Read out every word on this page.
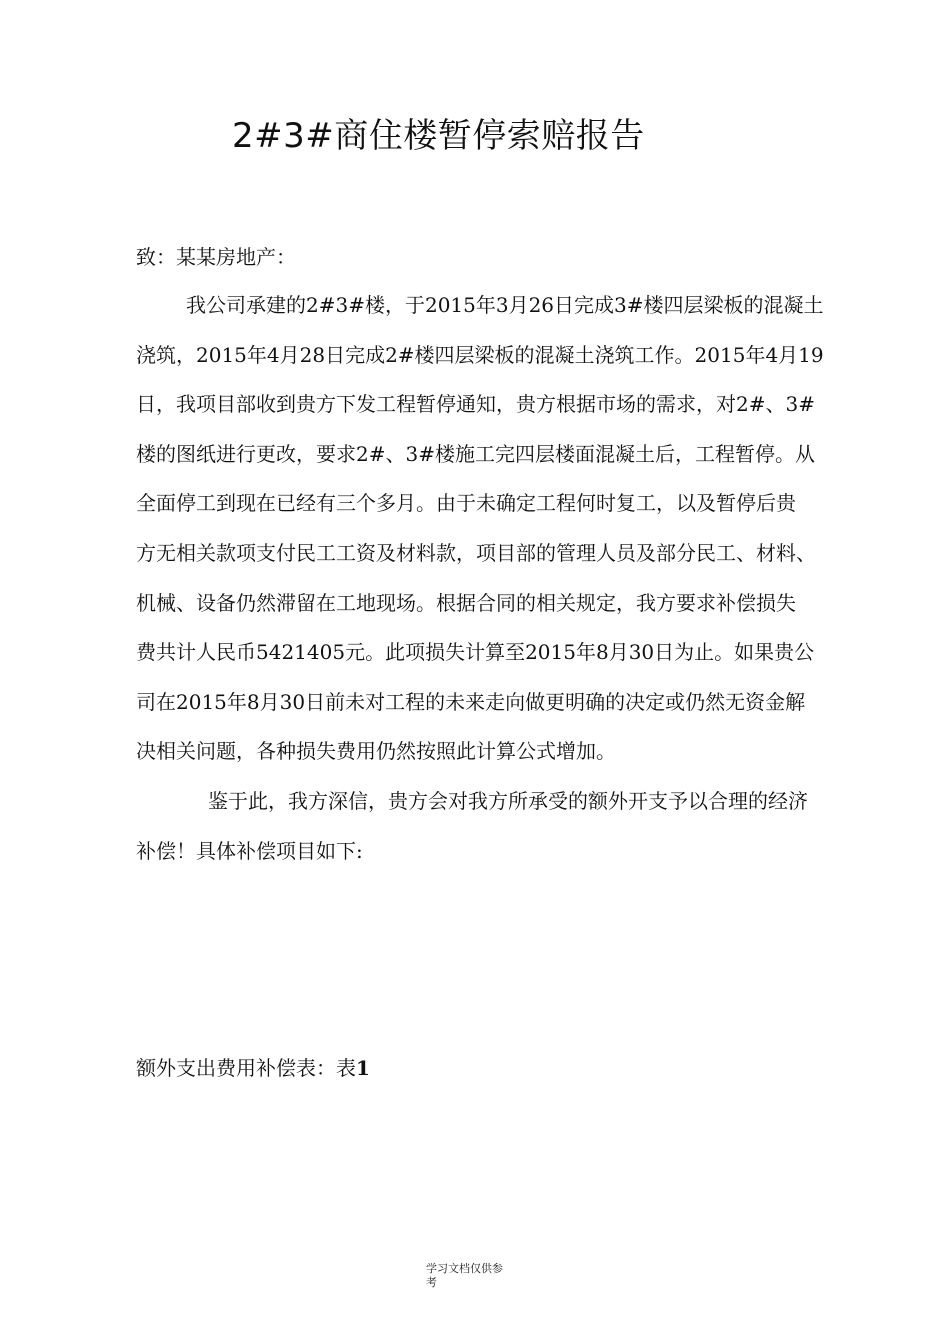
2#3#商住楼暂停索赔报告
致：某某房地产：
我公司承建的2#3#楼，于2015年3月26日完成3#楼四层梁板的混凝土
浇筑，2015年4月28日完成2#楼四层梁板的混凝土浇筑工作。2015年4月19
日，我项目部收到贵方下发工程暂停通知，贵方根据市场的需求，对2#、3#
楼的图纸进行更改，要求2#、3#楼施工完四层楼面混凝土后，工程暂停。从
全面停工到现在已经有三个多月。由于未确定工程何时复工，以及暂停后贵
方无相关款项支付民工工资及材料款，项目部的管理人员及部分民工、材料、
机械、设备仍然滞留在工地现场。根据合同的相关规定，我方要求补偿损失
费共计人民币5421405元。此项损失计算至2015年8月30日为止。如果贵公
司在2015年8月30日前未对工程的未来走向做更明确的决定或仍然无资金解
决相关问题，各种损失费用仍然按照此计算公式增加。
鉴于此，我方深信，贵方会对我方所承受的额外开支予以合理的经济
补偿！具体补偿项目如下:
额外支出费用补偿表：表1
学习文档仅供参
考
